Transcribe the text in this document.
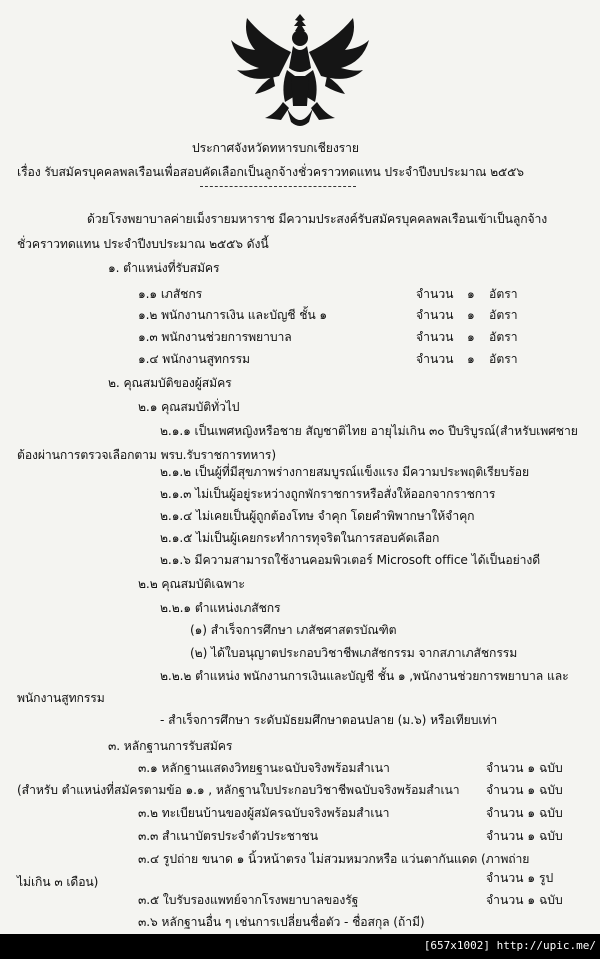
ประกาศจังหวัดทหารบกเชียงราย
เรื่อง รับสมัครบุคคลพลเรือนเพื่อสอบคัดเลือกเป็นลูกจ้างชั่วคราวทดแทน ประจำปีงบประมาณ ๒๕๕๖
ด้วยโรงพยาบาลค่ายเม็งรายมหาราช มีความประสงค์รับสมัครบุคคลพลเรือนเข้าเป็นลูกจ้าง
ชั่วคราวทดแทน ประจำปีงบประมาณ ๒๕๕๖ ดังนี้
๑. ตำแหน่งที่รับสมัคร
๑.๑ เภสัชกร	จำนวน ๑ อัตรา
๑.๒ พนักงานการเงิน และบัญชี ชั้น ๑	จำนวน ๑ อัตรา
๑.๓ พนักงานช่วยการพยาบาล	จำนวน ๑ อัตรา
๑.๔ พนักงานสูทกรรม	จำนวน ๑ อัตรา
๒. คุณสมบัติของผู้สมัคร
๒.๑ คุณสมบัติทั่วไป
๒.๑.๑ เป็นเพศหญิงหรือชาย สัญชาติไทย อายุไม่เกิน ๓๐ ปีบริบูรณ์(สำหรับเพศชาย
ต้องผ่านการตรวจเลือกตาม พรบ.รับราชการทหาร)
๒.๑.๒ เป็นผู้ที่มีสุขภาพร่างกายสมบูรณ์แข็งแรง มีความประพฤติเรียบร้อย
๒.๑.๓ ไม่เป็นผู้อยู่ระหว่างถูกพักราชการหรือสั่งให้ออกจากราชการ
๒.๑.๔ ไม่เคยเป็นผู้ถูกต้องโทษ จำคุก โดยคำพิพากษาให้จำคุก
๒.๑.๕ ไม่เป็นผู้เคยกระทำการทุจริตในการสอบคัดเลือก
๒.๑.๖ มีความสามารถใช้งานคอมพิวเตอร์ Microsoft office ได้เป็นอย่างดี
๒.๒ คุณสมบัติเฉพาะ
๒.๒.๑ ตำแหน่งเภสัชกร
(๑) สำเร็จการศึกษา เภสัชศาสตรบัณฑิต
(๒) ได้ใบอนุญาตประกอบวิชาชีพเภสัชกรรม จากสภาเภสัชกรรม
๒.๒.๒ ตำแหน่ง พนักงานการเงินและบัญชี ชั้น ๑ ,พนักงานช่วยการพยาบาล และ
พนักงานสูทกรรม
- สำเร็จการศึกษา ระดับมัธยมศึกษาตอนปลาย (ม.๖) หรือเทียบเท่า
๓. หลักฐานการรับสมัคร
๓.๑ หลักฐานแสดงวิทยฐานะฉบับจริงพร้อมสำเนา	จำนวน ๑ ฉบับ
(สำหรับ ตำแหน่งที่สมัครตามข้อ ๑.๑ , หลักฐานใบประกอบวิชาชีพฉบับจริงพร้อมสำเนา จำนวน ๑ ฉบับ
๓.๒ ทะเบียนบ้านของผู้สมัครฉบับจริงพร้อมสำเนา	จำนวน ๑ ฉบับ
๓.๓ สำเนาบัตรประจำตัวประชาชน	จำนวน ๑ ฉบับ
๓.๔ รูปถ่าย ขนาด ๑ นิ้วหน้าตรง ไม่สวมหมวกหรือ แว่นตากันแดด (ภาพถ่าย
ไม่เกิน ๓ เดือน)	จำนวน ๑ รูป
๓.๕ ใบรับรองแพทย์จากโรงพยาบาลของรัฐ	จำนวน ๑ ฉบับ
๓.๖ หลักฐานอื่น ๆ เช่นการเปลี่ยนชื่อตัว - ชื่อสกุล (ถ้ามี)
[657x1002] http://upic.me/
